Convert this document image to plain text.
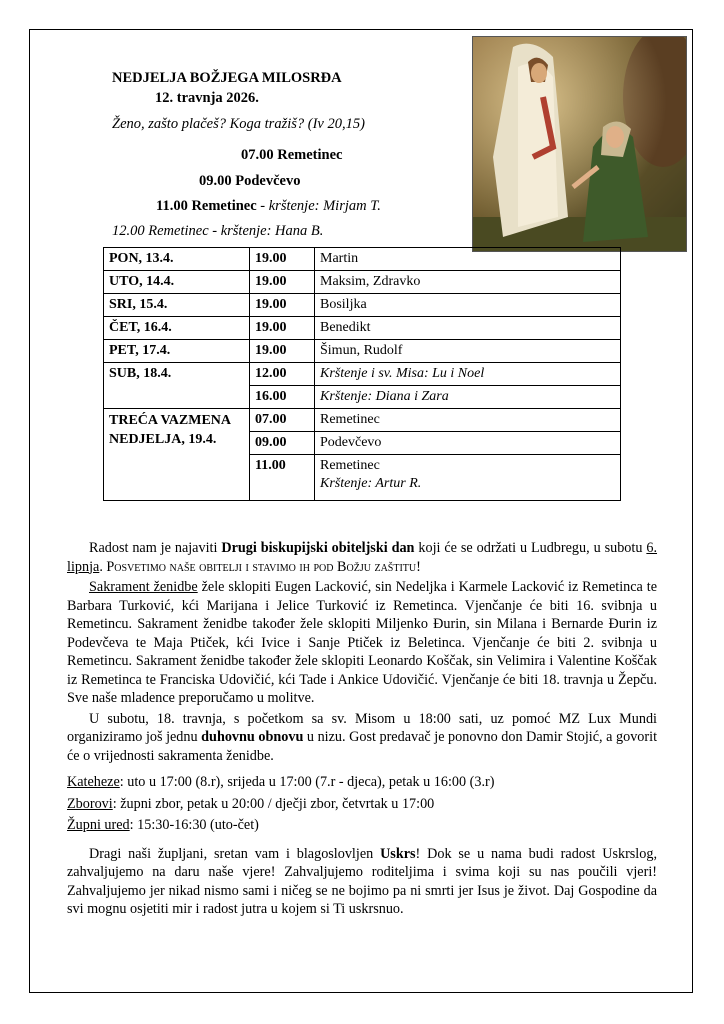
NEDJELJA BOŽJEGA MILOSRĐA
12. travnja 2026.
Ženo, zašto plačeš? Koga tražiš? (Iv 20,15)
07.00 Remetinec
09.00 Podevčevo
11.00 Remetinec - krštenje: Mirjam T.
12.00 Remetinec - krštenje: Hana B.
PON, 13.4.	19.00	Martin
UTO, 14.4.	19.00	Maksim, Zdravko
SRI, 15.4.	19.00	Bosiljka
ČET, 16.4.	19.00	Benedikt
PET, 17.4.	19.00	Šimun, Rudolf
SUB, 18.4.	12.00	Krštenje i sv. Misa: Lu i Noel
	16.00	Krštenje: Diana i Zara
TREĆA VAZMENA NEDJELJA, 19.4.	07.00	Remetinec
	09.00	Podevčevo
	11.00	Remetinec
Krštenje: Artur R.

Radost nam je najaviti Drugi biskupijski obiteljski dan koji će se održati u Ludbregu, u subotu 6. lipnja. Posvetimo naše obitelji i stavimo ih pod Božju zaštitu!

Sakrament ženidbe žele sklopiti Eugen Lacković, sin Nedeljka i Karmele Lacković iz Remetinca te Barbara Turković, kći Marijana i Jelice Turković iz Remetinca. Vjenčanje će biti 16. svibnja u Remetincu. Sakrament ženidbe također žele sklopiti Miljenko Đurin, sin Milana i Bernarde Đurin iz Podevčeva te Maja Ptiček, kći Ivice i Sanje Ptiček iz Beletinca. Vjenčanje će biti 2. svibnja u Remetincu. Sakrament ženidbe također žele sklopiti Leonardo Koščak, sin Velimira i Valentine Koščak iz Remetinca te Franciska Udovičić, kći Tade i Ankice Udovičić. Vjenčanje će biti 18. travnja u Žepču. Sve naše mladence preporučamo u molitve.

U subotu, 18. travnja, s početkom sa sv. Misom u 18:00 sati, uz pomoć MZ Lux Mundi organiziramo još jednu duhovnu obnovu u nizu. Gost predavač je ponovno don Damir Stojić, a govorit će o vrijednosti sakramenta ženidbe.

Kateheze: uto u 17:00 (8.r), srijeda u 17:00 (7.r - djeca), petak u 16:00 (3.r)

Zborovi: župni zbor, petak u 20:00 / dječji zbor, četvrtak u 17:00

Župni ured: 15:30-16:30 (uto-čet)

Dragi naši župljani, sretan vam i blagoslovljen Uskrs! Dok se u nama budi radost Uskrslog, zahvaljujemo na daru naše vjere! Zahvaljujemo roditeljima i svima koji su nas poučili vjeri! Zahvaljujemo jer nikad nismo sami i ničeg se ne bojimo pa ni smrti jer Isus je život. Daj Gospodine da svi mognu osjetiti mir i radost jutra u kojem si Ti uskrsnuo.
